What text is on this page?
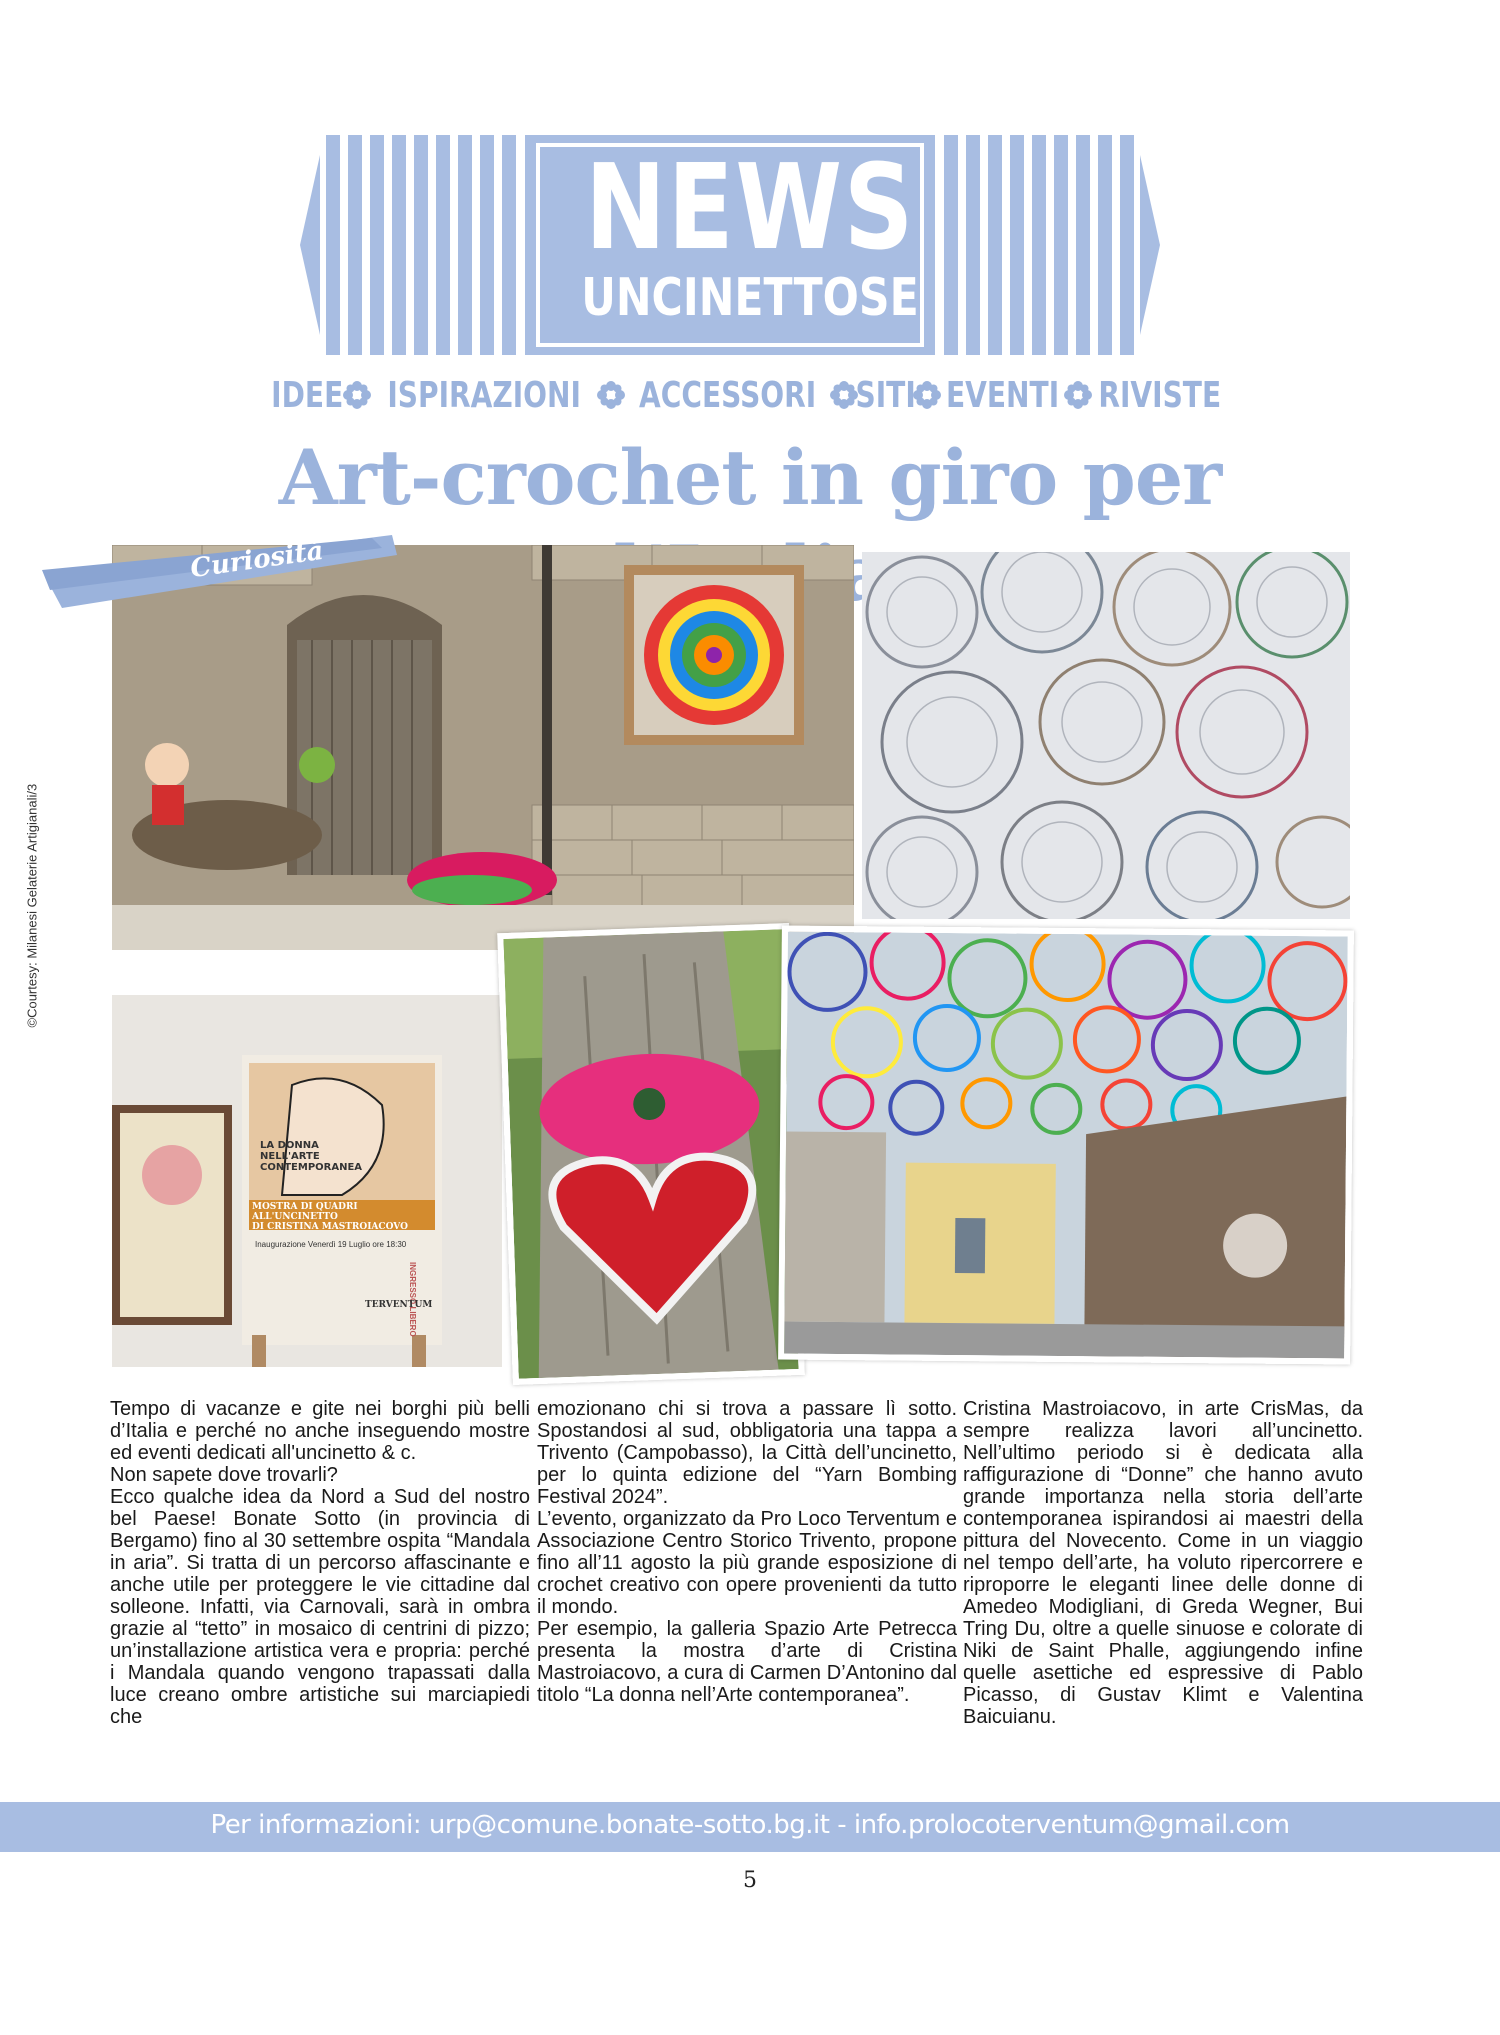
NEWS
UNCINETTOSE
IDEE ISPIRAZIONI ACCESSORI SITI EVENTI RIVISTE
Art-crochet in giro per
Curiosità
©Courtesy: Milanesi Gelaterie Artigianali/3
LA DONNA
NELL'ARTE
CONTEMPORANEA
MOSTRA DI QUADRI ALL'UNCINETTO
DI CRISTINA MASTROIACOVO
Inaugurazione Venerdì 19 Luglio ore 18:30
INGRESSO LIBERO
TERVENTUM

Tempo di vacanze e gite nei borghi più belli d’Italia e perché no anche inseguendo mostre ed eventi dedicati all'uncinetto & c.

Non sapete dove trovarli?

Ecco qualche idea da Nord a Sud del nostro bel Paese! Bonate Sotto (in provincia di Bergamo) fino al 30 settembre ospita “Mandala in aria”. Si tratta di un percorso affascinante e anche utile per proteggere le vie cittadine dal solleone. Infatti, via Carnovali, sarà in ombra grazie al “tetto” in mosaico di centrini di pizzo; un’installazione artistica vera e propria: perché i Mandala quando vengono trapassati dalla luce creano ombre artistiche sui marciapiedi che

emozionano chi si trova a passare lì sotto. Spostandosi al sud, obbligatoria una tappa a Trivento (Campobasso), la Città dell’uncinetto, per lo quinta edizione del “Yarn Bombing Festival 2024”.

L’evento, organizzato da Pro Loco Terventum e Associazione Centro Storico Trivento, propone fino all’11 agosto la più grande esposizione di crochet creativo con opere provenienti da tutto il mondo.

Per esempio, la galleria Spazio Arte Petrecca presenta la mostra d’arte di Cristina Mastroiacovo, a cura di Carmen D’Antonino dal titolo “La donna nell’Arte contemporanea”.

Cristina Mastroiacovo, in arte CrisMas, da sempre realizza lavori all’uncinetto. Nell’ultimo periodo si è dedicata alla raffigurazione di “Donne” che hanno avuto grande importanza nella storia dell’arte contemporanea ispirandosi ai maestri della pittura del Novecento. Come in un viaggio nel tempo dell’arte, ha voluto ripercorrere e riproporre le eleganti linee delle donne di Amedeo Modigliani, di Greda Wegner, Bui Tring Du, oltre a quelle sinuose e colorate di Niki de Saint Phalle, aggiungendo infine quelle asettiche ed espressive di Pablo Picasso, di Gustav Klimt e Valentina Baicuianu.

Per informazioni: urp@comune.bonate-sotto.bg.it - info.prolocoterventum@gmail.com
5
